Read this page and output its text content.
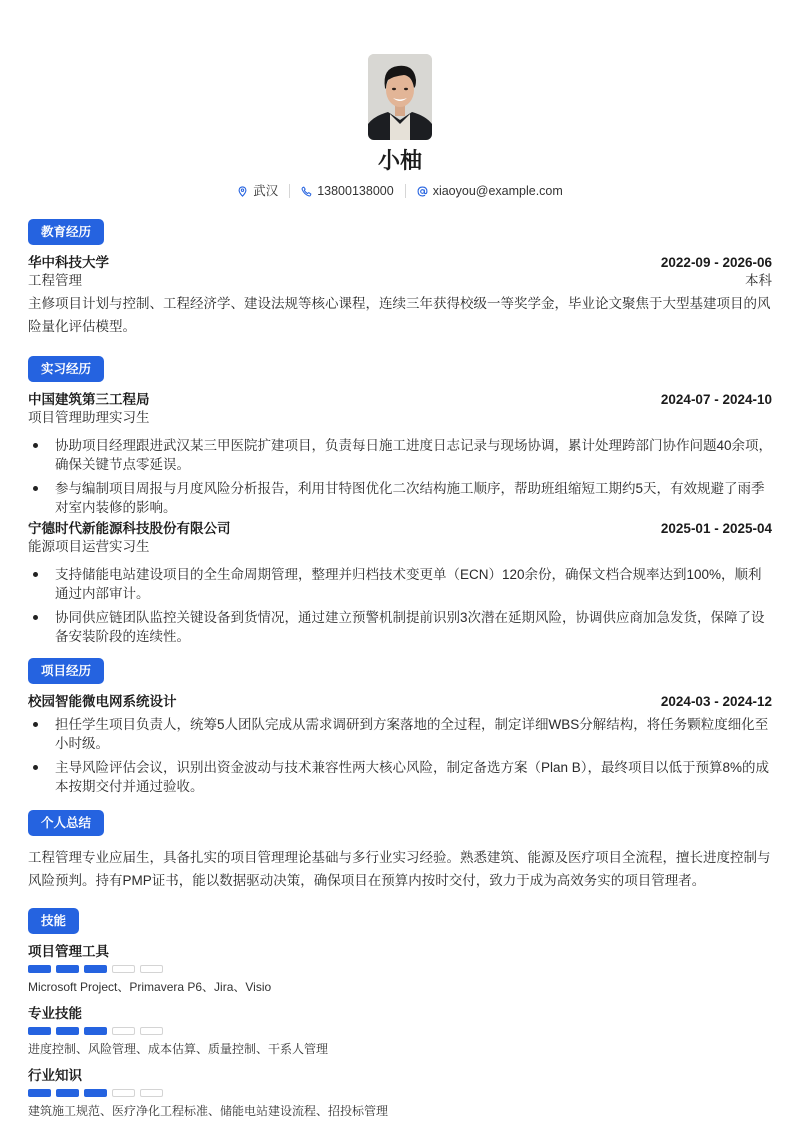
小柚
武汉	13800138000	xiaoyou@example.com
教育经历
华中科技大学	2022-09 - 2026-06
工程管理	本科
主修项目计划与控制、工程经济学、建设法规等核心课程，连续三年获得校级一等奖学金，毕业论文聚焦于大型基建项目的风险量化评估模型。
实习经历
中国建筑第三工程局	2024-07 - 2024-10
项目管理助理实习生
协助项目经理跟进武汉某三甲医院扩建项目，负责每日施工进度日志记录与现场协调，累计处理跨部门协作问题40余项，确保关键节点零延误。
参与编制项目周报与月度风险分析报告，利用甘特图优化二次结构施工顺序，帮助班组缩短工期约5天，有效规避了雨季对室内装修的影响。
宁德时代新能源科技股份有限公司	2025-01 - 2025-04
能源项目运营实习生
支持储能电站建设项目的全生命周期管理，整理并归档技术变更单（ECN）120余份，确保文档合规率达到100%，顺利通过内部审计。
协同供应链团队监控关键设备到货情况，通过建立预警机制提前识别3次潜在延期风险，协调供应商加急发货，保障了设备安装阶段的连续性。
项目经历
校园智能微电网系统设计	2024-03 - 2024-12
担任学生项目负责人，统筹5人团队完成从需求调研到方案落地的全过程，制定详细WBS分解结构，将任务颗粒度细化至小时级。
主导风险评估会议，识别出资金波动与技术兼容性两大核心风险，制定备选方案（Plan B），最终项目以低于预算8%的成本按期交付并通过验收。
个人总结
工程管理专业应届生，具备扎实的项目管理理论基础与多行业实习经验。熟悉建筑、能源及医疗项目全流程，擅长进度控制与风险预判。持有PMP证书，能以数据驱动决策，确保项目在预算内按时交付，致力于成为高效务实的项目管理者。
技能
项目管理工具
Microsoft Project、Primavera P6、Jira、Visio
专业技能
进度控制、风险管理、成本估算、质量控制、干系人管理
行业知识
建筑施工规范、医疗净化工程标准、储能电站建设流程、招投标管理
